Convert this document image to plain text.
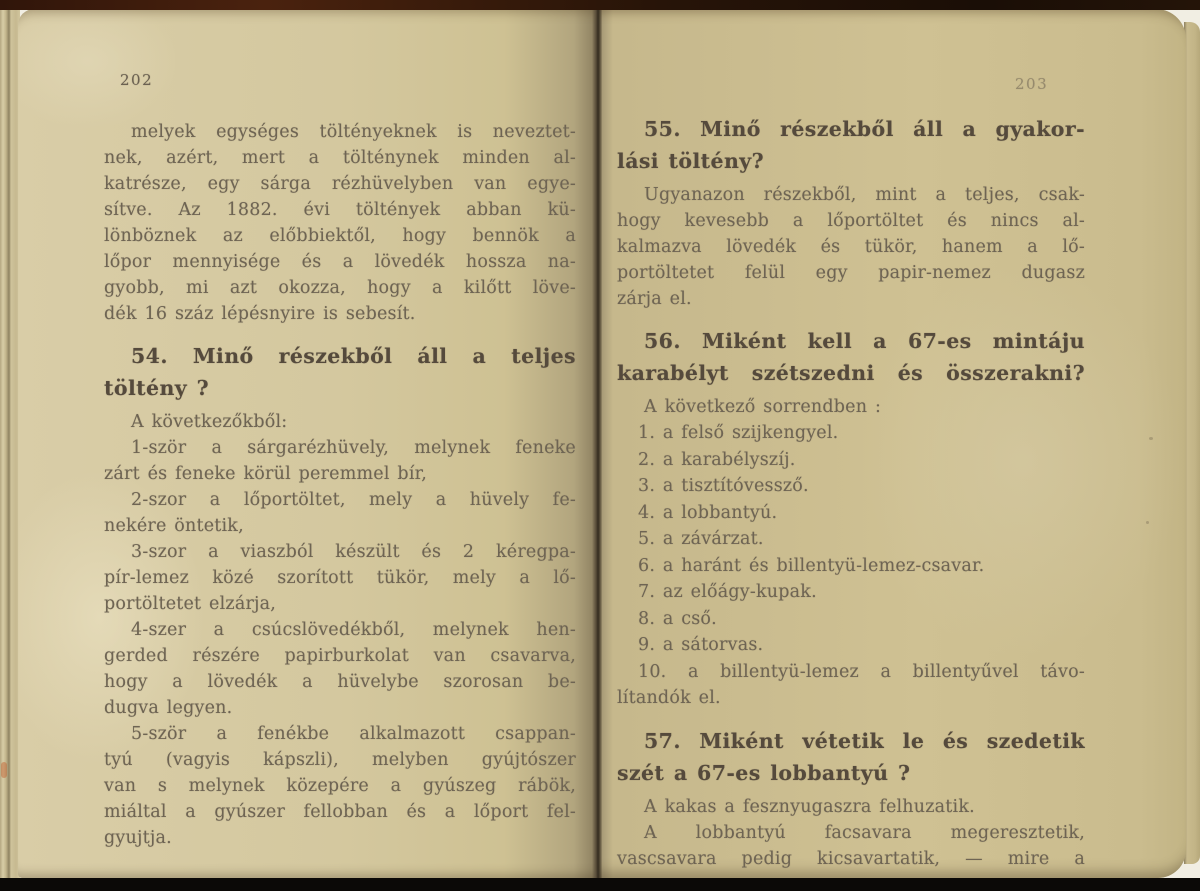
202
melyek egységes töltényeknek is neveztet-
nek, azért, mert a tölténynek minden al-
katrésze, egy sárga rézhüvelyben van egye-
sítve. Az 1882. évi töltények abban kü-
lönböznek az előbbiektől, hogy bennök a
lőpor mennyisége és a lövedék hossza na-
gyobb, mi azt okozza, hogy a kilőtt löve-
dék 16 száz lépésnyire is sebesít.
54. Minő részekből áll a teljes
töltény ?
A következőkből:
1-ször a sárgarézhüvely, melynek feneke
zárt és feneke körül peremmel bír,
2-szor a lőportöltet, mely a hüvely fe-
nekére öntetik,
3-szor a viaszból készült és 2 kéregpa-
pír-lemez közé szorított tükör, mely a lő-
portöltetet elzárja,
4-szer a csúcslövedékből, melynek hen-
gerded részére papirburkolat van csavarva,
hogy a lövedék a hüvelybe szorosan be-
dugva legyen.
5-ször a fenékbe alkalmazott csappan-
tyú (vagyis kápszli), melyben gyújtószer
van s melynek közepére a gyúszeg rábök,
miáltal a gyúszer fellobban és a lőport fel-
gyujtja.
203
55. Minő részekből áll a gyakor-
lási töltény?
Ugyanazon részekből, mint a teljes, csak-
hogy kevesebb a lőportöltet és nincs al-
kalmazva lövedék és tükör, hanem a lő-
portöltetet felül egy papir-nemez dugasz
zárja el.
56. Miként kell a 67-es mintáju
karabélyt szétszedni és összerakni?
A következő sorrendben :
1. a felső szijkengyel.
2. a karabélyszíj.
3. a tisztítóvessző.
4. a lobbantyú.
5. a závárzat.
6. a haránt és billentyü-lemez-csavar.
7. az előágy-kupak.
8. a cső.
9. a sátorvas.
10. a billentyü-lemez a billentyűvel távo-
lítandók el.
57. Miként vétetik le és szedetik
szét a 67-es lobbantyú ?
A kakas a fesznyugaszra felhuzatik.
A lobbantyú facsavara megeresztetik,
vascsavara pedig kicsavartatik, — mire a
